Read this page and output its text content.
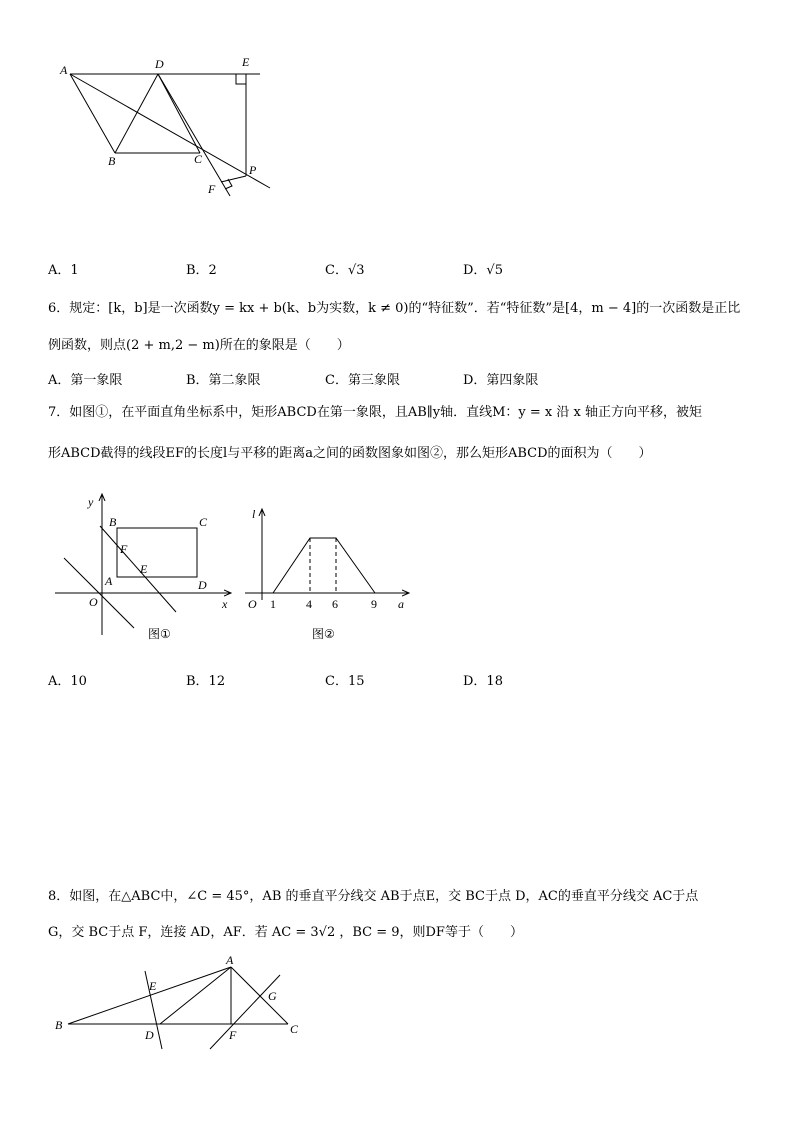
A	D	E
B	C
F
P
A．1	B．2	C．√3	D．√5
6．规定：[k，b]是一次函数y = kx + b(k、b为实数，k ≠ 0)的“特征数”．若“特征数”是[4，m − 4]的一次函数是正比
例函数，则点(2 + m,2 − m)所在的象限是（　　）
A．第一象限	B．第二象限	C．第三象限	D．第四象限
7．如图①，在平面直角坐标系中，矩形ABCD在第一象限，且AB∥y轴．直线M：y = x 沿 x 轴正方向平移，被矩
形ABCD截得的线段EF的长度l与平移的距离a之间的函数图象如图②，那么矩形ABCD的面积为（　　）
y
B	C
F
E
A	D
O	x
图①
l
O 1	4 6	9 a
图②
A．10	B．12	C．15	D．18
8．如图，在△ABC中，∠C = 45°，AB 的垂直平分线交 AB于点E，交 BC于点 D，AC的垂直平分线交 AC于点
G，交 BC于点 F，连接 AD，AF．若 AC = 3√2 ，BC = 9，则DF等于（　　）
A
E
G
B
D	F	C
